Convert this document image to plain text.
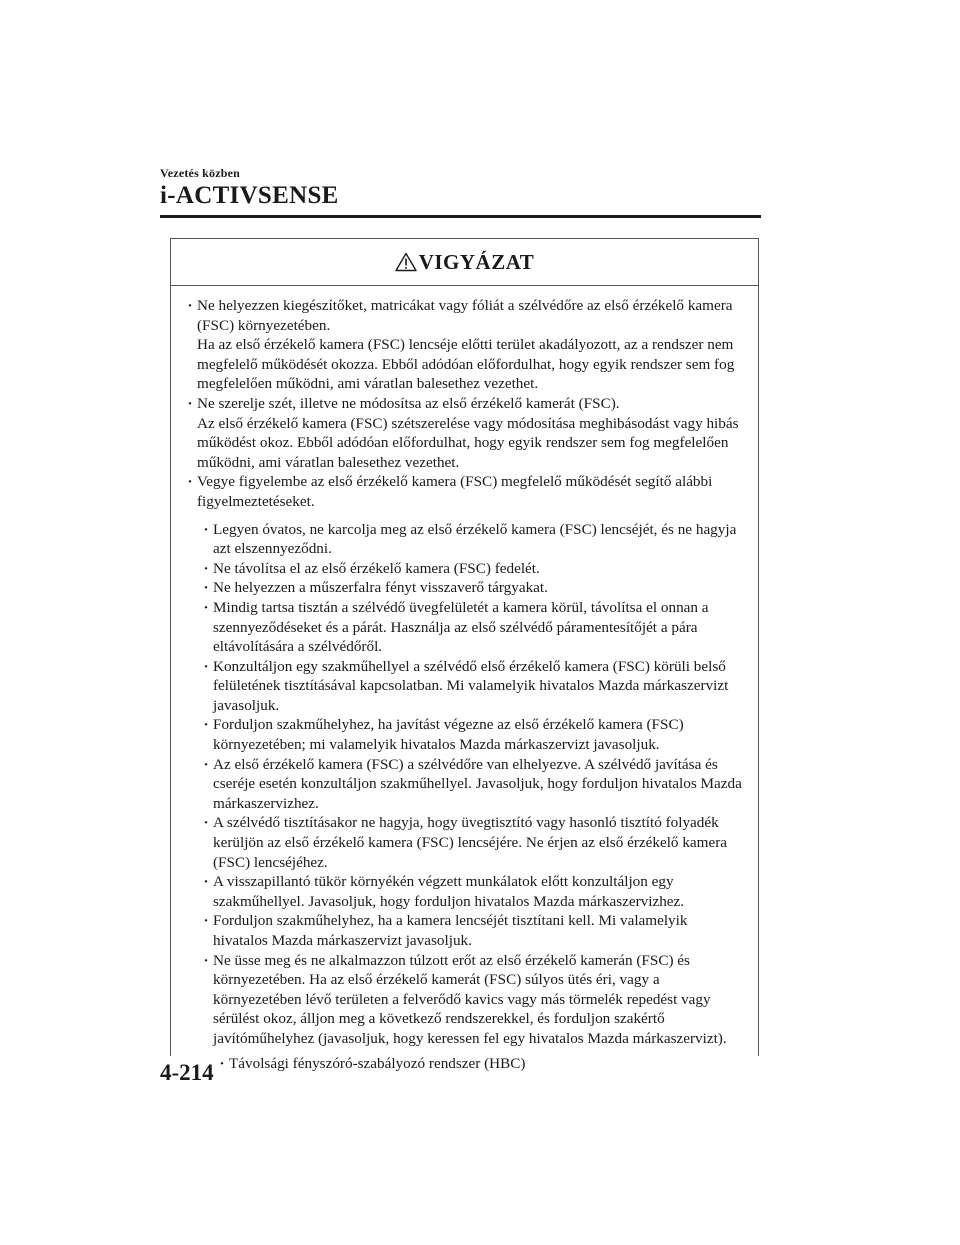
Vezetés közben
i-ACTIVSENSE
VIGYÁZAT
· Ne helyezzen kiegészítőket, matricákat vagy fóliát a szélvédőre az első érzékelő kamera (FSC) környezetében.
Ha az első érzékelő kamera (FSC) lencséje előtti terület akadályozott, az a rendszer nem megfelelő működését okozza. Ebből adódóan előfordulhat, hogy egyik rendszer sem fog megfelelően működni, ami váratlan balesethez vezethet.
· Ne szerelje szét, illetve ne módosítsa az első érzékelő kamerát (FSC).
Az első érzékelő kamera (FSC) szétszerelése vagy módosítása meghibásodást vagy hibás működést okoz. Ebből adódóan előfordulhat, hogy egyik rendszer sem fog megfelelően működni, ami váratlan balesethez vezethet.
· Vegye figyelembe az első érzékelő kamera (FSC) megfelelő működését segítő alábbi figyelmeztetéseket.
· Legyen óvatos, ne karcolja meg az első érzékelő kamera (FSC) lencséjét, és ne hagyja azt elszennyeződni.
· Ne távolítsa el az első érzékelő kamera (FSC) fedelét.
· Ne helyezzen a műszerfalra fényt visszaverő tárgyakat.
· Mindig tartsa tisztán a szélvédő üvegfelületét a kamera körül, távolítsa el onnan a szennyeződéseket és a párát. Használja az első szélvédő páramentesítőjét a pára eltávolítására a szélvédőről.
· Konzultáljon egy szakműhellyel a szélvédő első érzékelő kamera (FSC) körüli belső felületének tisztításával kapcsolatban. Mi valamelyik hivatalos Mazda márkaszervizt javasoljuk.
· Forduljon szakműhelyhez, ha javítást végezne az első érzékelő kamera (FSC) környezetében; mi valamelyik hivatalos Mazda márkaszervizt javasoljuk.
· Az első érzékelő kamera (FSC) a szélvédőre van elhelyezve. A szélvédő javítása és cseréje esetén konzultáljon szakműhellyel. Javasoljuk, hogy forduljon hivatalos Mazda márkaszervizhez.
· A szélvédő tisztításakor ne hagyja, hogy üvegtisztító vagy hasonló tisztító folyadék kerüljön az első érzékelő kamera (FSC) lencséjére. Ne érjen az első érzékelő kamera (FSC) lencséjéhez.
· A visszapillantó tükör környékén végzett munkálatok előtt konzultáljon egy szakműhellyel. Javasoljuk, hogy forduljon hivatalos Mazda márkaszervizhez.
· Forduljon szakműhelyhez, ha a kamera lencséjét tisztítani kell. Mi valamelyik hivatalos Mazda márkaszervizt javasoljuk.
· Ne üsse meg és ne alkalmazzon túlzott erőt az első érzékelő kamerán (FSC) és környezetében. Ha az első érzékelő kamerát (FSC) súlyos ütés éri, vagy a környezetében lévő területen a felverődő kavics vagy más törmelék repedést vagy sérülést okoz, álljon meg a következő rendszerekkel, és forduljon szakértő javítóműhelyhez (javasoljuk, hogy keressen fel egy hivatalos Mazda márkaszervizt).
· Távolsági fényszóró-szabályozó rendszer (HBC)
4-214
